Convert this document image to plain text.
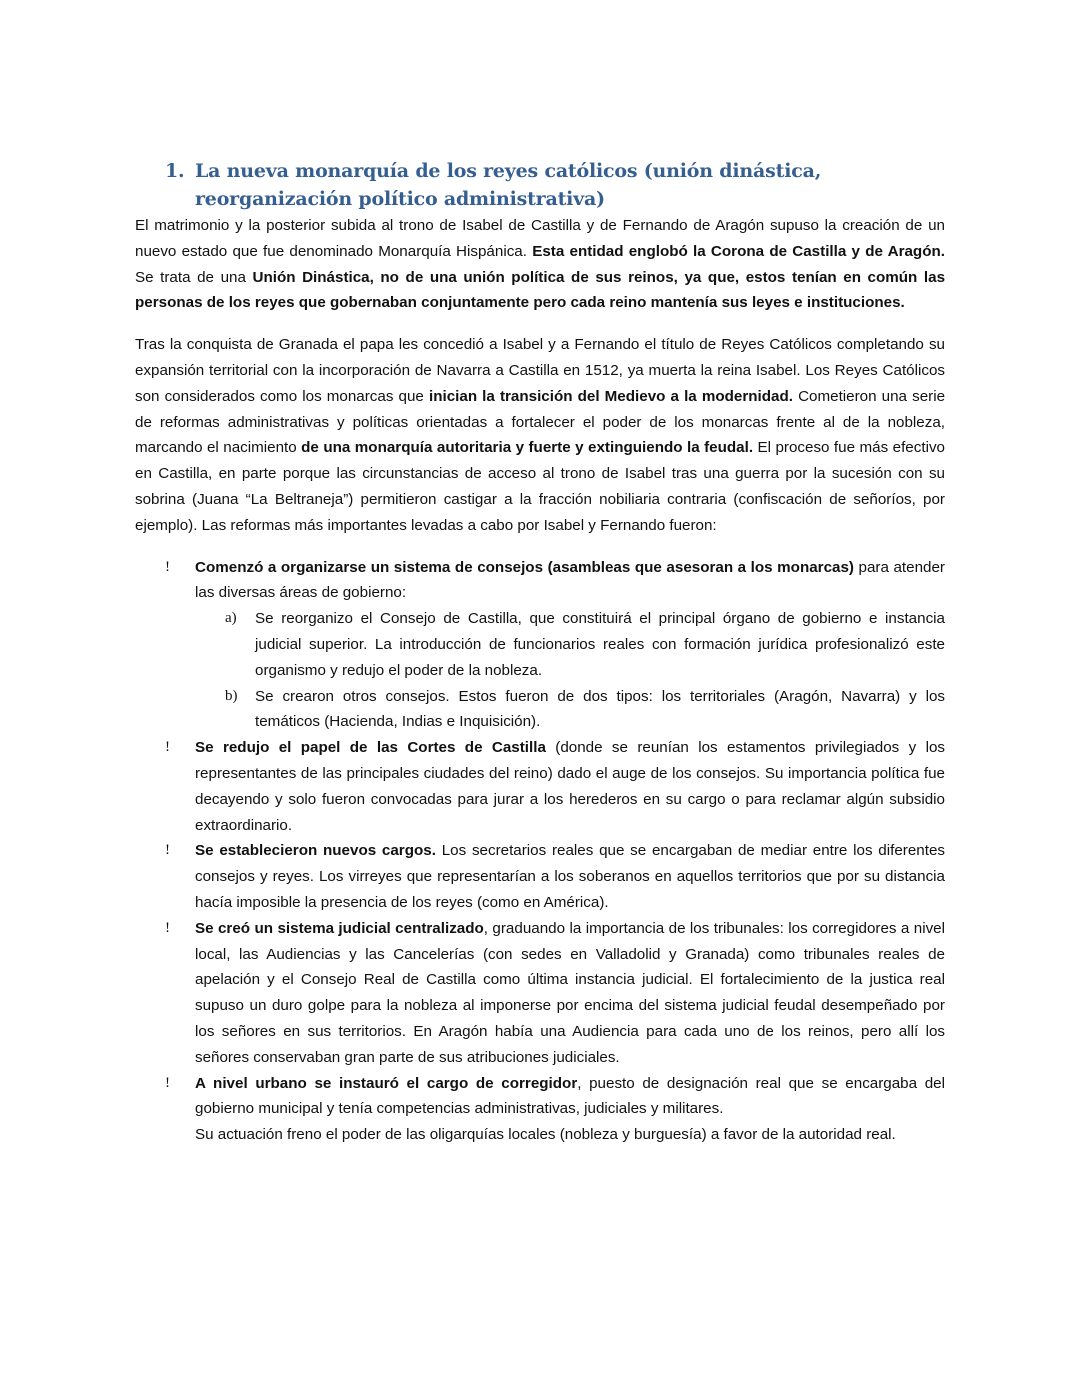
1. La nueva monarquía de los reyes católicos (unión dinástica, reorganización político administrativa)

El matrimonio y la posterior subida al trono de Isabel de Castilla y de Fernando de Aragón supuso la creación de un nuevo estado que fue denominado Monarquía Hispánica. Esta entidad englobó la Corona de Castilla y de Aragón. Se trata de una Unión Dinástica, no de una unión política de sus reinos, ya que, estos tenían en común las personas de los reyes que gobernaban conjuntamente pero cada reino mantenía sus leyes e instituciones.

Tras la conquista de Granada el papa les concedió a Isabel y a Fernando el título de Reyes Católicos completando su expansión territorial con la incorporación de Navarra a Castilla en 1512, ya muerta la reina Isabel. Los Reyes Católicos son considerados como los monarcas que inician la transición del Medievo a la modernidad. Cometieron una serie de reformas administrativas y políticas orientadas a fortalecer el poder de los monarcas frente al de la nobleza, marcando el nacimiento de una monarquía autoritaria y fuerte y extinguiendo la feudal. El proceso fue más efectivo en Castilla, en parte porque las circunstancias de acceso al trono de Isabel tras una guerra por la sucesión con su sobrina (Juana “La Beltraneja”) permitieron castigar a la fracción nobiliaria contraria (confiscación de señoríos, por ejemplo). Las reformas más importantes levadas a cabo por Isabel y Fernando fueron:

! Comenzó a organizarse un sistema de consejos (asambleas que asesoran a los monarcas) para atender las diversas áreas de gobierno:

a) Se reorganizo el Consejo de Castilla, que constituirá el principal órgano de gobierno e instancia judicial superior. La introducción de funcionarios reales con formación jurídica profesionalizó este organismo y redujo el poder de la nobleza.

b) Se crearon otros consejos. Estos fueron de dos tipos: los territoriales (Aragón, Navarra) y los temáticos (Hacienda, Indias e Inquisición).

! Se redujo el papel de las Cortes de Castilla (donde se reunían los estamentos privilegiados y los representantes de las principales ciudades del reino) dado el auge de los consejos. Su importancia política fue decayendo y solo fueron convocadas para jurar a los herederos en su cargo o para reclamar algún subsidio extraordinario.

! Se establecieron nuevos cargos. Los secretarios reales que se encargaban de mediar entre los diferentes consejos y reyes. Los virreyes que representarían a los soberanos en aquellos territorios que por su distancia hacía imposible la presencia de los reyes (como en América).

! Se creó un sistema judicial centralizado, graduando la importancia de los tribunales: los corregidores a nivel local, las Audiencias y las Cancelerías (con sedes en Valladolid y Granada) como tribunales reales de apelación y el Consejo Real de Castilla como última instancia judicial. El fortalecimiento de la justica real supuso un duro golpe para la nobleza al imponerse por encima del sistema judicial feudal desempeñado por los señores en sus territorios. En Aragón había una Audiencia para cada uno de los reinos, pero allí los señores conservaban gran parte de sus atribuciones judiciales.

! A nivel urbano se instauró el cargo de corregidor, puesto de designación real que se encargaba del gobierno municipal y tenía competencias administrativas, judiciales y militares.

Su actuación freno el poder de las oligarquías locales (nobleza y burguesía) a favor de la autoridad real.
